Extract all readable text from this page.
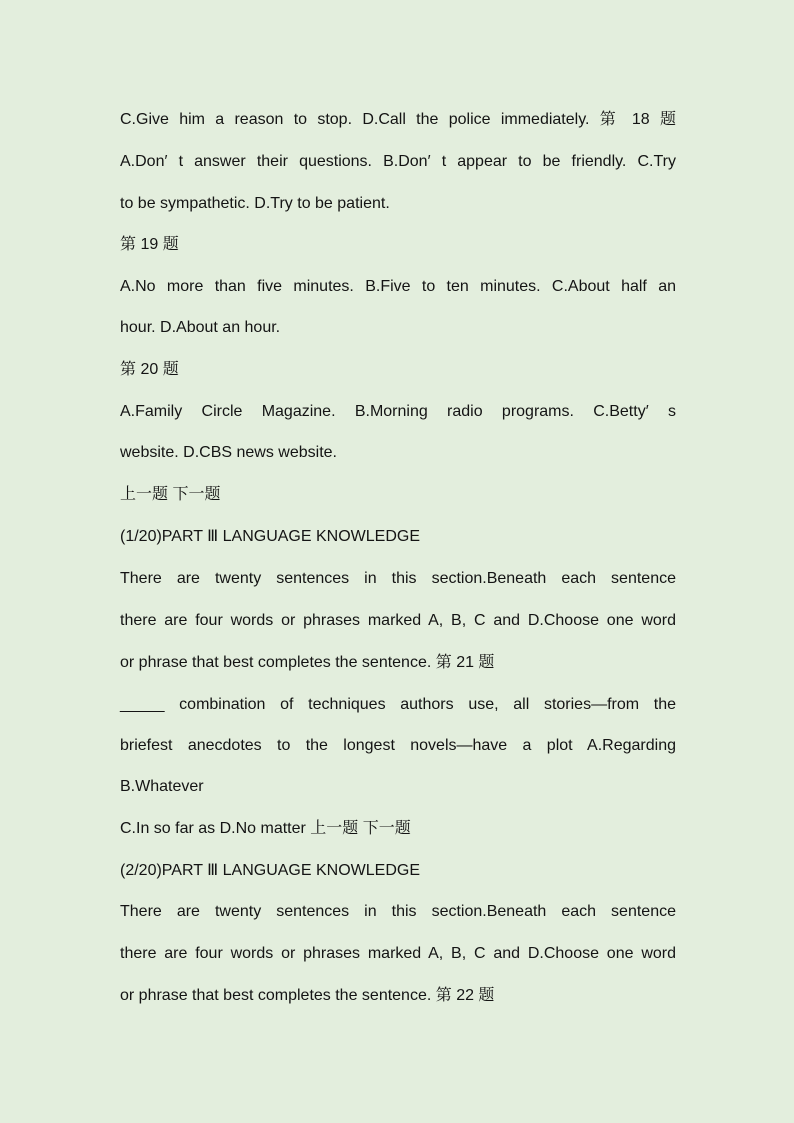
C.Give him a reason to stop. D.Call the police immediately. 第 18 题
A.Don′ t answer their questions. B.Don′ t appear to be friendly. C.Try
to be sympathetic. D.Try to be patient.
第 19 题
A.No more than five minutes. B.Five to ten minutes. C.About half an
hour. D.About an hour.
第 20 题
A.Family Circle Magazine. B.Morning radio programs. C.Betty′ s
website. D.CBS news website.
上一题 下一题
(1/20)PART Ⅲ LANGUAGE KNOWLEDGE
There are twenty sentences in this section.Beneath each sentence
there are four words or phrases marked A, B, C and D.Choose one word
or phrase that best completes the sentence. 第 21 题
_____ combination of techniques authors use, all stories—from the
briefest anecdotes to the longest novels—have a plot A.Regarding
B.Whatever
C.In so far as D.No matter 上一题 下一题
(2/20)PART Ⅲ LANGUAGE KNOWLEDGE
There are twenty sentences in this section.Beneath each sentence
there are four words or phrases marked A, B, C and D.Choose one word
or phrase that best completes the sentence. 第 22 题
